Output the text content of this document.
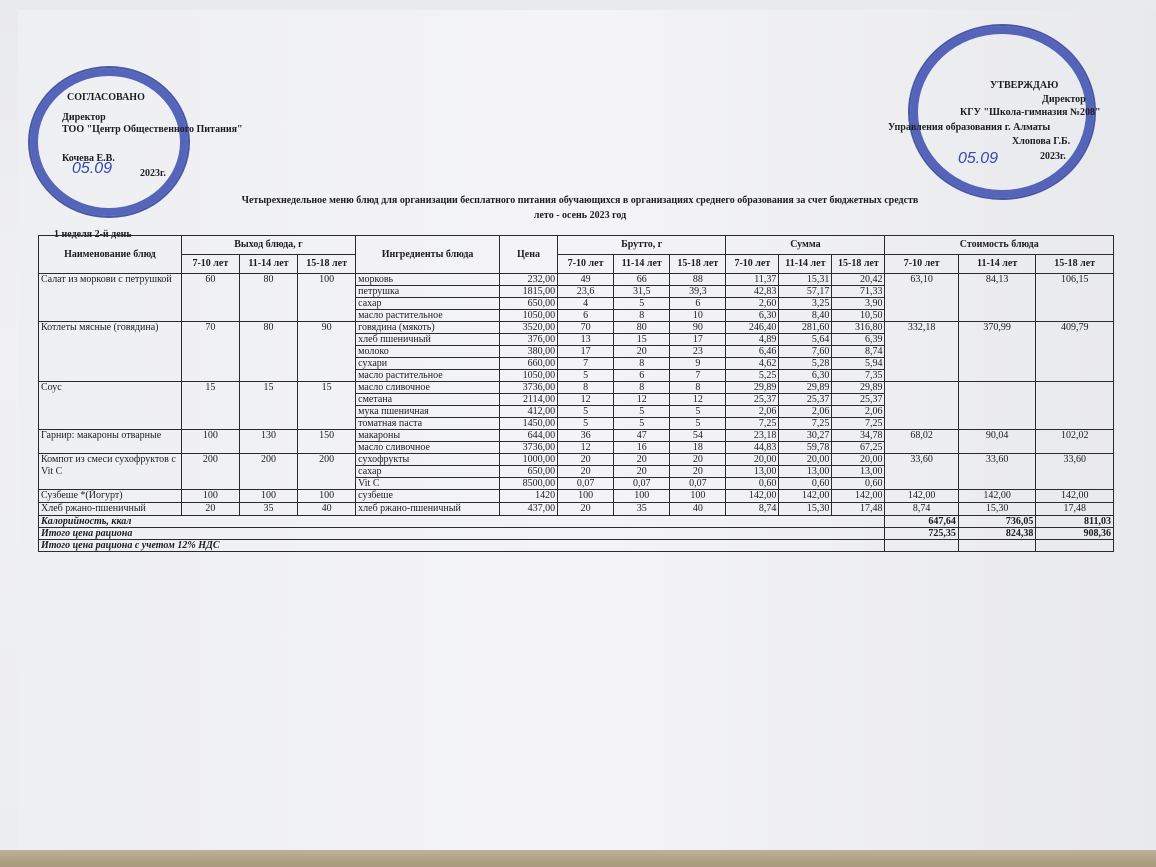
СОГЛАСОВАНО
Директор
ТОО "Центр Общественного Питания"
Кочева Е.В.
2023г.
05.09
УТВЕРЖДАЮ
Директор
КГУ "Школа-гимназия №208"
Управления образования г. Алматы
Хлопова Г.Б.
2023г.
05.09
Четырехнедельное меню блюд для организации бесплатного питания обучающихся в организациях среднего образования за счет бюджетных средств
лето - осень 2023 год
1 неделя 2-й день
Наименование блюд	Выход блюда, г			Ингредиенты блюда	Цена	Брутто, г			Сумма			Стоимость блюда		
	7-10 лет	11-14 лет	15-18 лет			7-10 лет	11-14 лет	15-18 лет	7-10 лет	11-14 лет	15-18 лет	7-10 лет	11-14 лет	15-18 лет
Салат из моркови с петрушкой	60	80	100	морковь	232,00	49	66	88	11,37	15,31	20,42	63,10	84,13	106,15
				петрушка	1815,00	23,6	31,5	39,3	42,83	57,17	71,33			
				сахар	650,00	4	5	6	2,60	3,25	3,90			
				масло растительное	1050,00	6	8	10	6,30	8,40	10,50			
Котлеты мясные (говядина)	70	80	90	говядина (мякоть)	3520,00	70	80	90	246,40	281,60	316,80	332,18	370,99	409,79
				хлеб пшеничный	376,00	13	15	17	4,89	5,64	6,39			
				молоко	380,00	17	20	23	6,46	7,60	8,74			
				сухари	660,00	7	8	9	4,62	5,28	5,94			
				масло растительное	1050,00	5	6	7	5,25	6,30	7,35			
Соус	15	15	15	масло сливочное	3736,00	8	8	8	29,89	29,89	29,89			
				сметана	2114,00	12	12	12	25,37	25,37	25,37			
				мука пшеничная	412,00	5	5	5	2,06	2,06	2,06			
				томатная паста	1450,00	5	5	5	7,25	7,25	7,25			
Гарнир: макароны отварные	100	130	150	макароны	644,00	36	47	54	23,18	30,27	34,78	68,02	90,04	102,02
				масло сливочное	3736,00	12	16	18	44,83	59,78	67,25			
Компот из смеси сухофруктов с Vit C	200	200	200	сухофрукты	1000,00	20	20	20	20,00	20,00	20,00	33,60	33,60	33,60
				сахар	650,00	20	20	20	13,00	13,00	13,00			
				Vit C	8500,00	0,07	0,07	0,07	0,60	0,60	0,60			
Сузбеше *(Йогурт)	100	100	100	сузбеше	1420	100	100	100	142,00	142,00	142,00	142,00	142,00	142,00
Хлеб ржано-пшеничный	20	35	40	хлеб ржано-пшеничный	437,00	20	35	40	8,74	15,30	17,48	8,74	15,30	17,48
Калорийность, ккал												647,64	736,05	811,03
Итого цена рациона												725,35	824,38	908,36
Итого цена рациона с учетом 12% НДС														
